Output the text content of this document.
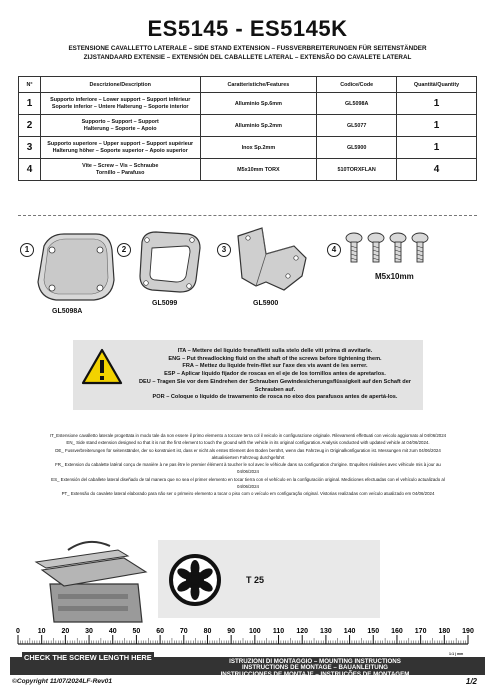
ES5145 - ES5145K
ESTENSIONE CAVALLETTO LATERALE – SIDE STAND EXTENSION – FUSSVERBREITERUNGEN FÜR SEITENSTÄNDER
ZIJSTANDAARD EXTENSIE – EXTENSIÓN DEL CABALLETE LATERAL – EXTENSÃO DO CAVALETE LATERAL
N°	Descrizione/Description	Caratteristiche/Features	Codice/Code	Quantità/Quantity
1	Supporto inferiore – Lower support – Support inférieur
Soporte inferior – Untere Halterung – Soporte interior	Alluminio Sp.6mm	GL5098A	1
2	Supporto – Support – Support
Halterung – Soporte – Apoio	Alluminio Sp.2mm	GL5077	1
3	Supporto superiore – Upper support – Support supérieur
Halterung höher – Soporte superior – Apoio superior	Inox Sp.2mm	GL5900	1
4	Vite – Screw – Vis – Schraube
Tornillo – Parafuso	M5x10mm TORX	510TORXFLAN	4
1
GL5098A
2
GL5099
3
GL5900
4
M5x10mm
ITA – Mettere del liquido frenafiletti sulla stelo delle viti prima di avvitarle.
ENG – Put threadlocking fluid on the shaft of the screws before tightening them.
FRA – Mettez du liquide frein-filet sur l'axe des vis avant de les serrer.
ESP – Aplicar líquido fijador de roscas en el eje de los tornillos antes de apretarlos.
DEU – Tragen Sie vor dem Eindrehen der Schrauben Gewindesicherungsflüssigkeit auf den Schaft der Schrauben auf.
POR – Coloque o líquido de travamento de rosca no eixo dos parafusos antes de apertá-los.

IT_Estensione cavalletto laterale progettata in modo tale da non essere il primo elemento a toccare terra col il veicolo in configurazione originale. Rilevamenti effettuati con veicolo aggiornato al 04/06/2024

EN_ Side stand extension designed so that it is not the first element to touch the ground with the vehicle in its original configuration.Analysis conducted with updated vehicle at 04/06/2024.

DE_ Fussverbreiterungen für seitenständer, der so konstruiert ist, dass er nicht als erstes Element den Boden berührt, wenn das Fahrzeug in Originalkonfiguration ist. Messungen mit zum 04/06/2024 aktualisiertem Fahrzeug durchgeführt

FR_ Extension du cabalette latéral conçu de manière à ne pas être le premier élément à toucher le sol avec le véhicule dans sa configuration d'origine. Enquêtes réalisées avec véhicule mis à jour au 04/06/2024

ES_ Extensión del caballete lateral diseñado de tal manera que no sea el primer elemento en tocar tierra con el vehículo en la configuración original. Mediciones efectuadas con el vehículo actualizado al 04/06/2024

PT_ Extensão do cavalete lateral elaborado para não ser o primeiro elemento a tocar o piso com o veículo em configuração original. Vistorias realizadas com veículo atualizado em 04/06/2024

T 25
0	10 20 30 40 50 60 70 80 90 100 110 120 130 140 150 160 170 180 190
1:1 | mm
CHECK THE SCREW LENGTH HERE	ISTRUZIONI DI MONTAGGIO – MOUNTING INSTRUCTIONS
INSTRUCTIONS DE MONTAGE – BAUANLEITUNG
INSTRUCCIONES DE MONTAJE – INSTRUÇÕES DE MONTAGEM
©Copyright 11/07/2024LF-Rev01	1/2
